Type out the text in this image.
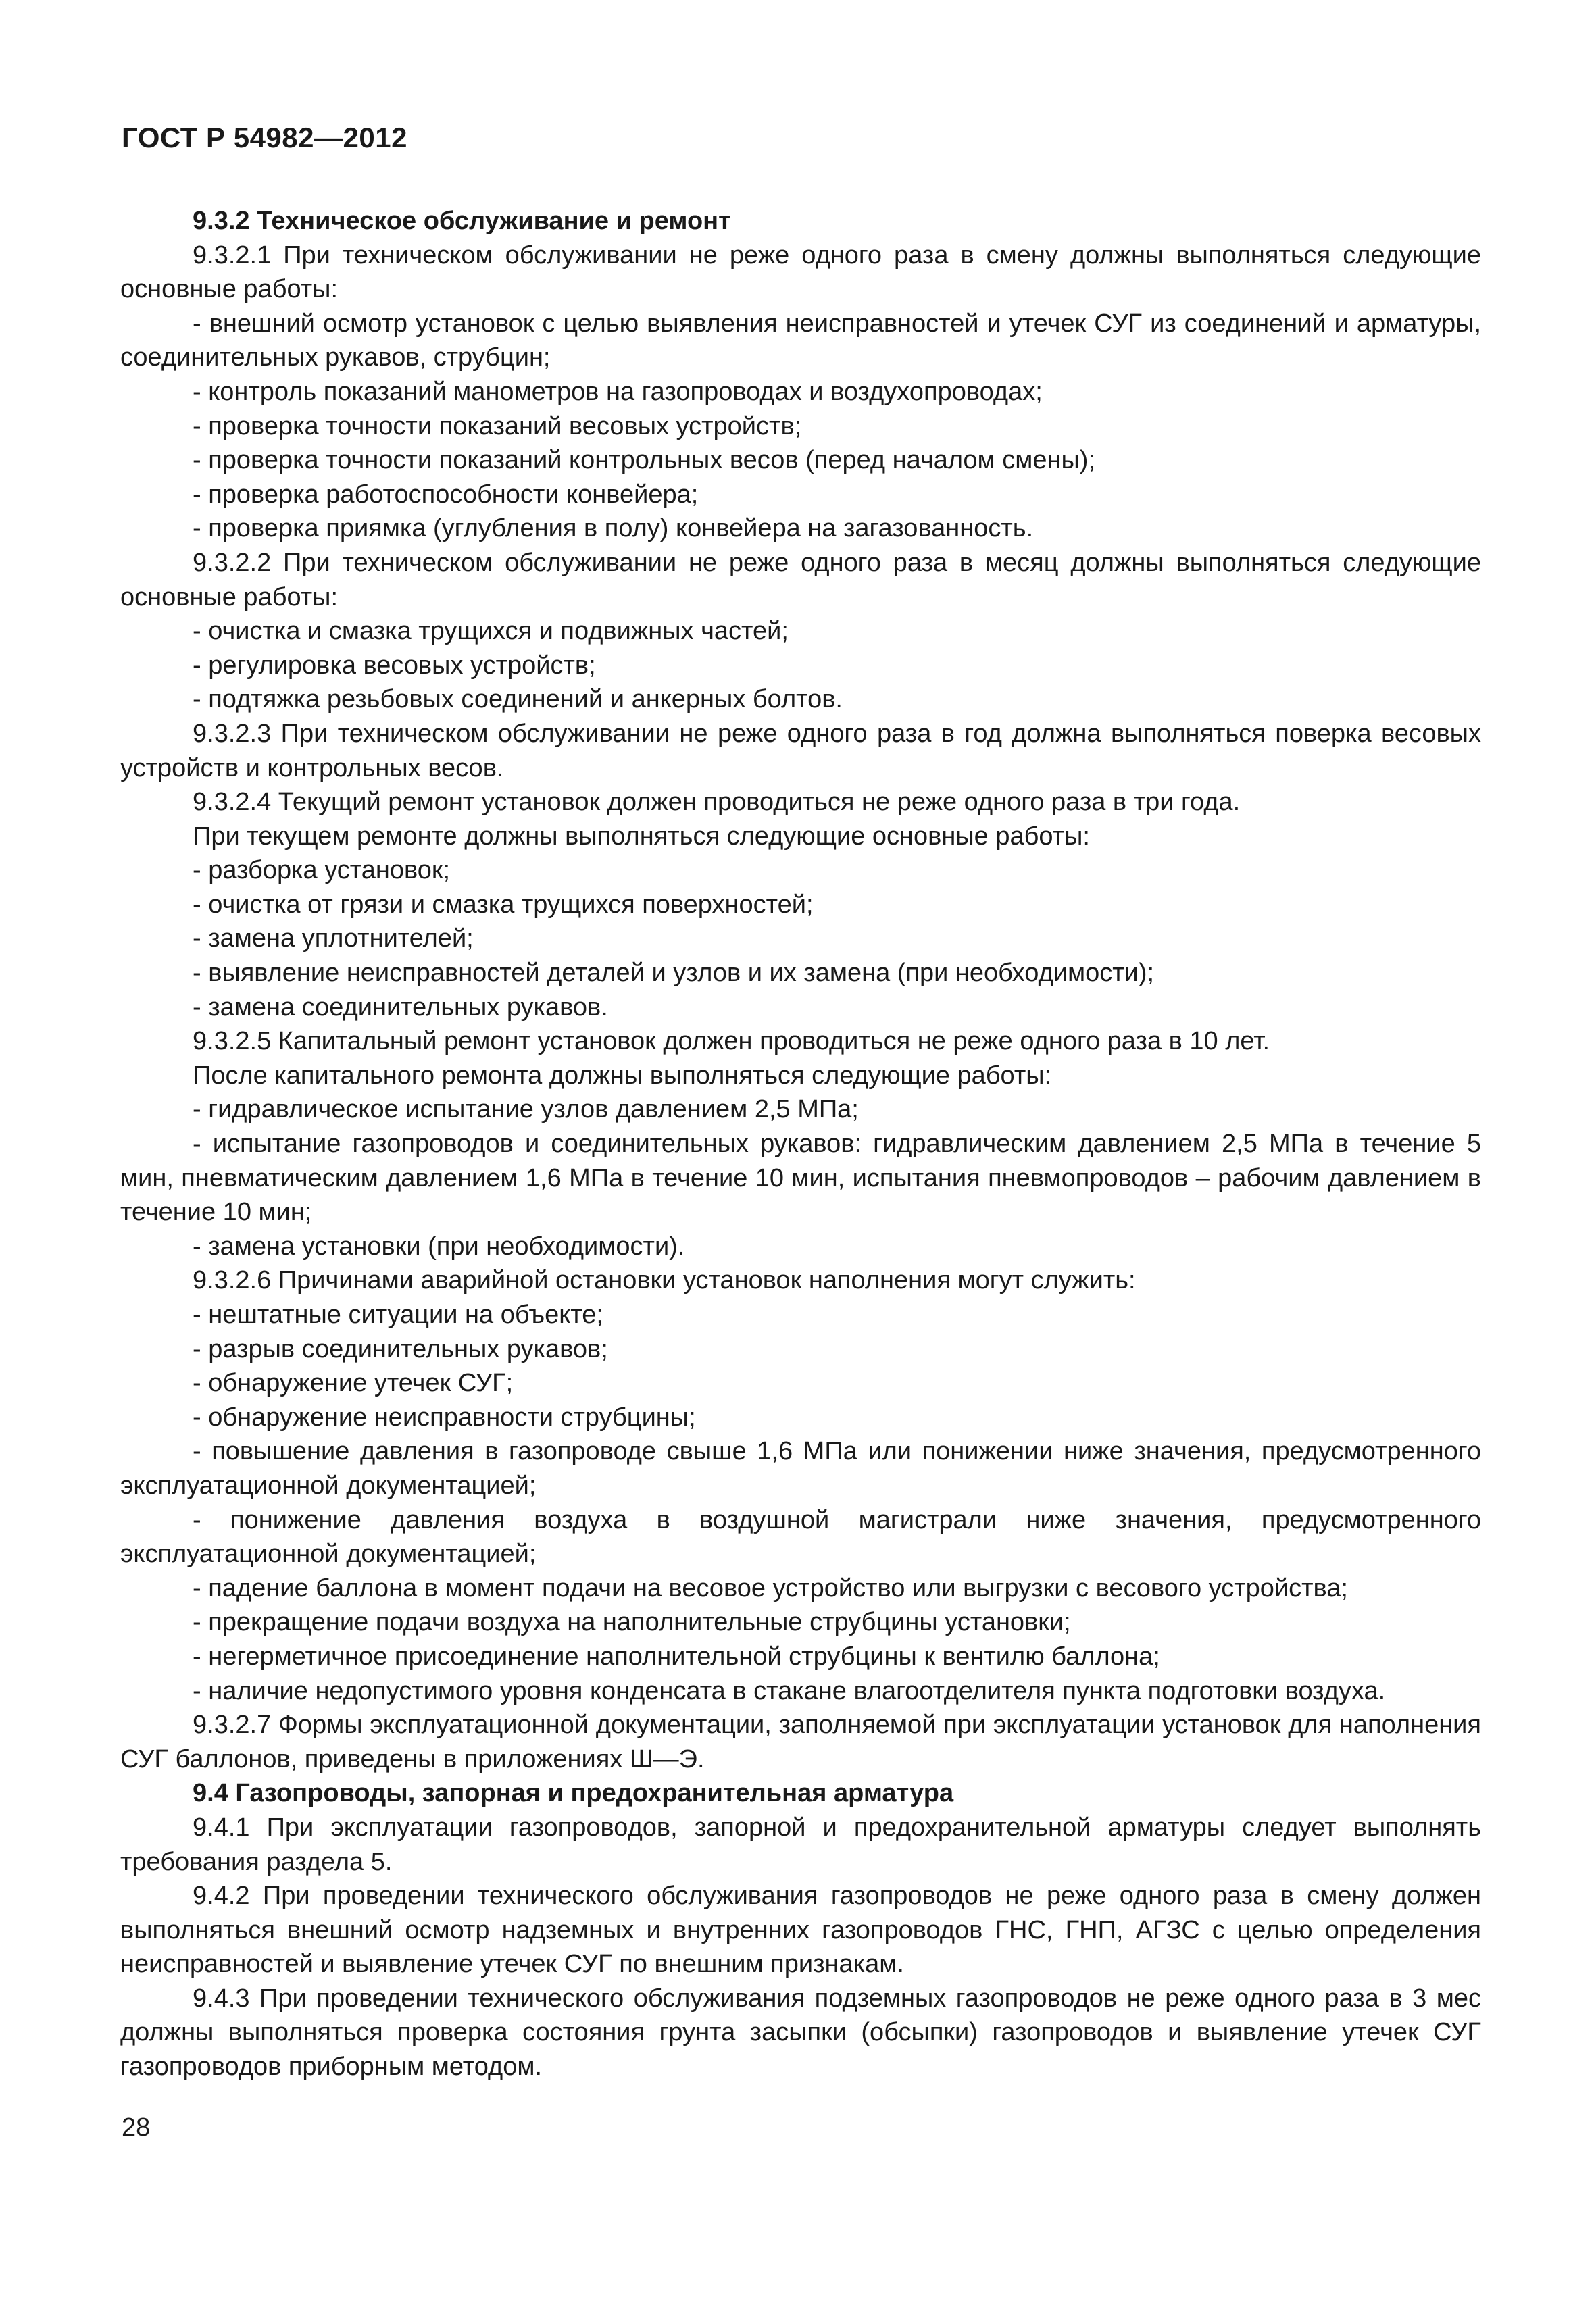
ГОСТ Р 54982—2012

9.3.2 Техническое обслуживание и ремонт

9.3.2.1 При техническом обслуживании не реже одного раза в смену должны выполняться следующие основные работы:

- внешний осмотр установок с целью выявления неисправностей и утечек СУГ из соединений и арматуры, соединительных рукавов, струбцин;

- контроль показаний манометров на газопроводах и воздухопроводах;

- проверка точности показаний весовых устройств;

- проверка точности показаний контрольных весов (перед началом смены);

- проверка работоспособности конвейера;

- проверка приямка (углубления в полу) конвейера на загазованность.

9.3.2.2 При техническом обслуживании не реже одного раза в месяц должны выполняться следующие основные работы:

- очистка и смазка трущихся и подвижных частей;

- регулировка весовых устройств;

- подтяжка резьбовых соединений и анкерных болтов.

9.3.2.3 При техническом обслуживании не реже одного раза в год должна выполняться поверка весовых устройств и контрольных весов.

9.3.2.4 Текущий ремонт установок должен проводиться не реже одного раза в три года.

При текущем ремонте должны выполняться следующие основные работы:

- разборка установок;

- очистка от грязи и смазка трущихся поверхностей;

- замена уплотнителей;

- выявление неисправностей деталей и узлов и их замена (при необходимости);

- замена соединительных рукавов.

9.3.2.5 Капитальный ремонт установок должен проводиться не реже одного раза в 10 лет.

После капитального ремонта должны выполняться следующие работы:

- гидравлическое испытание узлов давлением 2,5 МПа;

- испытание газопроводов и соединительных рукавов: гидравлическим давлением 2,5 МПа в течение 5 мин, пневматическим давлением 1,6 МПа в течение 10 мин, испытания пневмопроводов – рабочим давлением в течение 10 мин;

- замена установки (при необходимости).

9.3.2.6 Причинами аварийной остановки установок наполнения могут служить:

- нештатные ситуации на объекте;

- разрыв соединительных рукавов;

- обнаружение утечек СУГ;

- обнаружение неисправности струбцины;

- повышение давления в газопроводе свыше 1,6 МПа или понижении ниже значения, предусмотренного эксплуатационной документацией;

- понижение давления воздуха в воздушной магистрали ниже значения, предусмотренного эксплуатационной документацией;

- падение баллона в момент подачи на весовое устройство или выгрузки с весового устройства;

- прекращение подачи воздуха на наполнительные струбцины установки;

- негерметичное присоединение наполнительной струбцины к вентилю баллона;

- наличие недопустимого уровня конденсата в стакане влагоотделителя пункта подготовки воздуха.

9.3.2.7 Формы эксплуатационной документации, заполняемой при эксплуатации установок для наполнения СУГ баллонов, приведены в приложениях Ш—Э.

9.4 Газопроводы, запорная и предохранительная арматура

9.4.1 При эксплуатации газопроводов, запорной и предохранительной арматуры следует выполнять требования раздела 5.

9.4.2 При проведении технического обслуживания газопроводов не реже одного раза в смену должен выполняться внешний осмотр надземных и внутренних газопроводов ГНС, ГНП, АГЗС с целью определения неисправностей и выявление утечек СУГ по внешним признакам.

9.4.3 При проведении технического обслуживания подземных газопроводов не реже одного раза в 3 мес должны выполняться проверка состояния грунта засыпки (обсыпки) газопроводов и выявление утечек СУГ газопроводов приборным методом.

28
